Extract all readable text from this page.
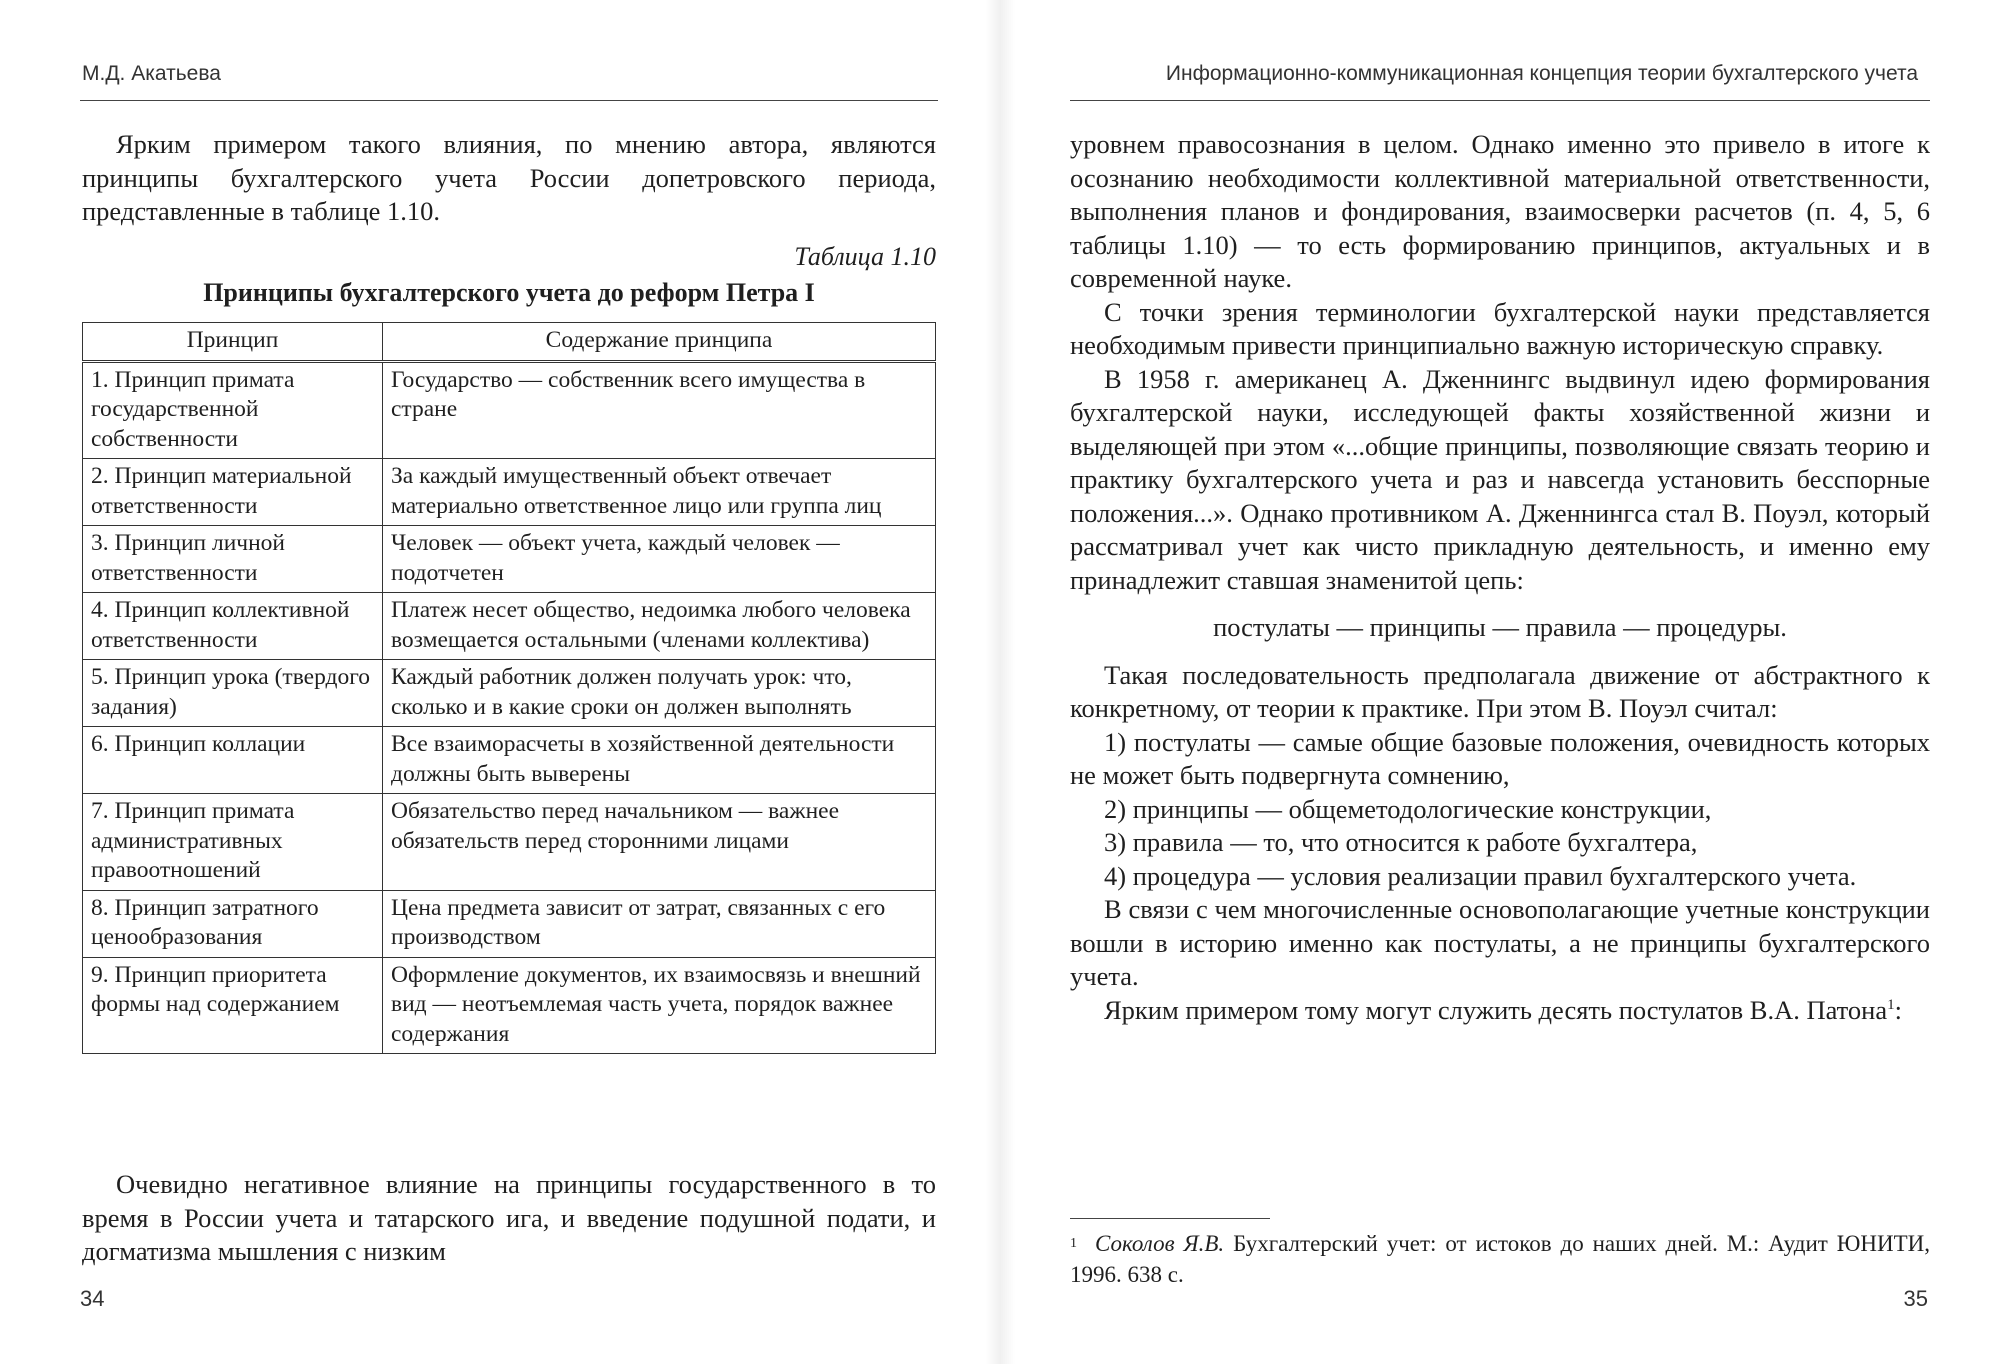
М.Д. Акатьева

Ярким примером такого влияния, по мнению автора, являются принципы бухгалтерского учета России допетровского периода, представленные в таблице 1.10.

Таблица 1.10
Принципы бухгалтерского учета до реформ Петра I
Принцип	Содержание принципа
1. Принцип примата государственной собственности	Государство — собственник всего имущества в стране
2. Принцип материальной ответственности	За каждый имущественный объект отвечает материально ответственное лицо или группа лиц
3. Принцип личной ответственности	Человек — объект учета, каждый человек — подотчетен
4. Принцип коллективной ответственности	Платеж несет общество, недоимка любого человека возмещается остальными (членами коллектива)
5. Принцип урока (твердого задания)	Каждый работник должен получать урок: что, сколько и в какие сроки он должен выполнять
6. Принцип коллации	Все взаиморасчеты в хозяйственной деятельности должны быть выверены
7. Принцип примата административных правоотношений	Обязательство перед начальником — важнее обязательств перед сторонними лицами
8. Принцип затратного ценообразования	Цена предмета зависит от затрат, связанных с его производством
9. Принцип приоритета формы над содержанием	Оформление документов, их взаимосвязь и внешний вид — неотъемлемая часть учета, порядок важнее содержания

Очевидно негативное влияние на принципы государственного в то время в России учета и татарского ига, и введение подушной подати, и догматизма мышления с низким

34
Информационно-коммуникационная концепция теории бухгалтерского учета

уровнем правосознания в целом. Однако именно это привело в итоге к осознанию необходимости коллективной материальной ответственности, выполнения планов и фондирования, взаимосверки расчетов (п. 4, 5, 6 таблицы 1.10) — то есть формированию принципов, актуальных и в современной науке.

С точки зрения терминологии бухгалтерской науки представляется необходимым привести принципиально важную историческую справку.

В 1958 г. американец А. Дженнингс выдвинул идею формирования бухгалтерской науки, исследующей факты хозяйственной жизни и выделяющей при этом «...общие принципы, позволяющие связать теорию и практику бухгалтерского учета и раз и навсегда установить бесспорные положения...». Однако противником А. Дженнингса стал В. Поуэл, который рассматривал учет как чисто прикладную деятельность, и именно ему принадлежит ставшая знаменитой цепь:

постулаты — принципы — правила — процедуры.

Такая последовательность предполагала движение от абстрактного к конкретному, от теории к практике. При этом В. Поуэл считал:

1) постулаты — самые общие базовые положения, очевидность которых не может быть подвергнута сомнению,

2) принципы — общеметодологические конструкции,

3) правила — то, что относится к работе бухгалтера,

4) процедура — условия реализации правил бухгалтерского учета.

В связи с чем многочисленные основополагающие учетные конструкции вошли в историю именно как постулаты, а не принципы бухгалтерского учета.

Ярким примером тому могут служить десять постулатов В.А. Патона$^1$:

$^1$ Соколов Я.В. Бухгалтерский учет: от истоков до наших дней. М.: Аудит ЮНИТИ, 1996. 638 с.
35
